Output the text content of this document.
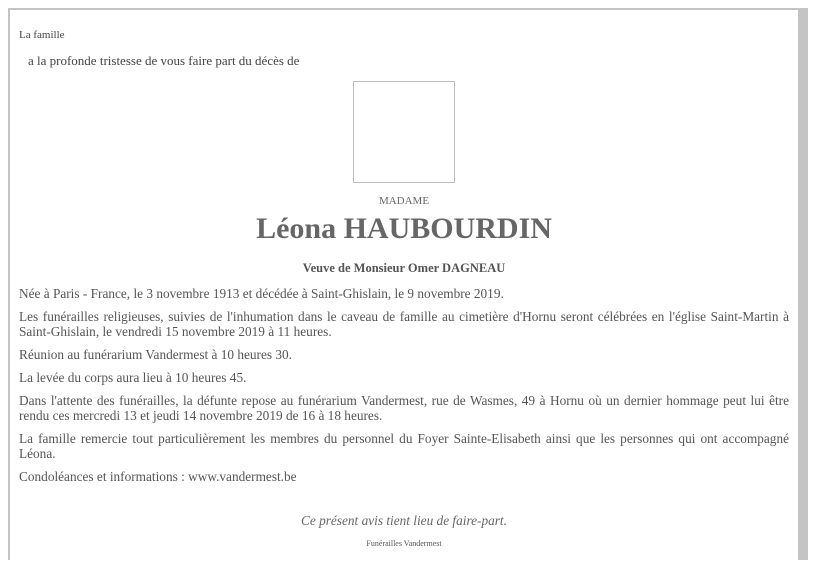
La famille
a la profonde tristesse de vous faire part du décès de
MADAME
Léona HAUBOURDIN
Veuve de Monsieur Omer DAGNEAU

Née à Paris - France, le 3 novembre 1913 et décédée à Saint-Ghislain, le 9 novembre 2019.

Les funérailles religieuses, suivies de l'inhumation dans le caveau de famille au cimetière d'Hornu seront célébrées en l'église Saint-Martin à Saint-Ghislain, le vendredi 15 novembre 2019 à 11 heures.

Réunion au funérarium Vandermest à 10 heures 30.

La levée du corps aura lieu à 10 heures 45.

Dans l'attente des funérailles, la défunte repose au funérarium Vandermest, rue de Wasmes, 49 à Hornu où un dernier hommage peut lui être rendu ces mercredi 13 et jeudi 14 novembre 2019 de 16 à 18 heures.

La famille remercie tout particulièrement les membres du personnel du Foyer Sainte-Elisabeth ainsi que les personnes qui ont accompagné Léona.

Condoléances et informations : www.vandermest.be

Ce présent avis tient lieu de faire-part.
Funérailles Vandermest
